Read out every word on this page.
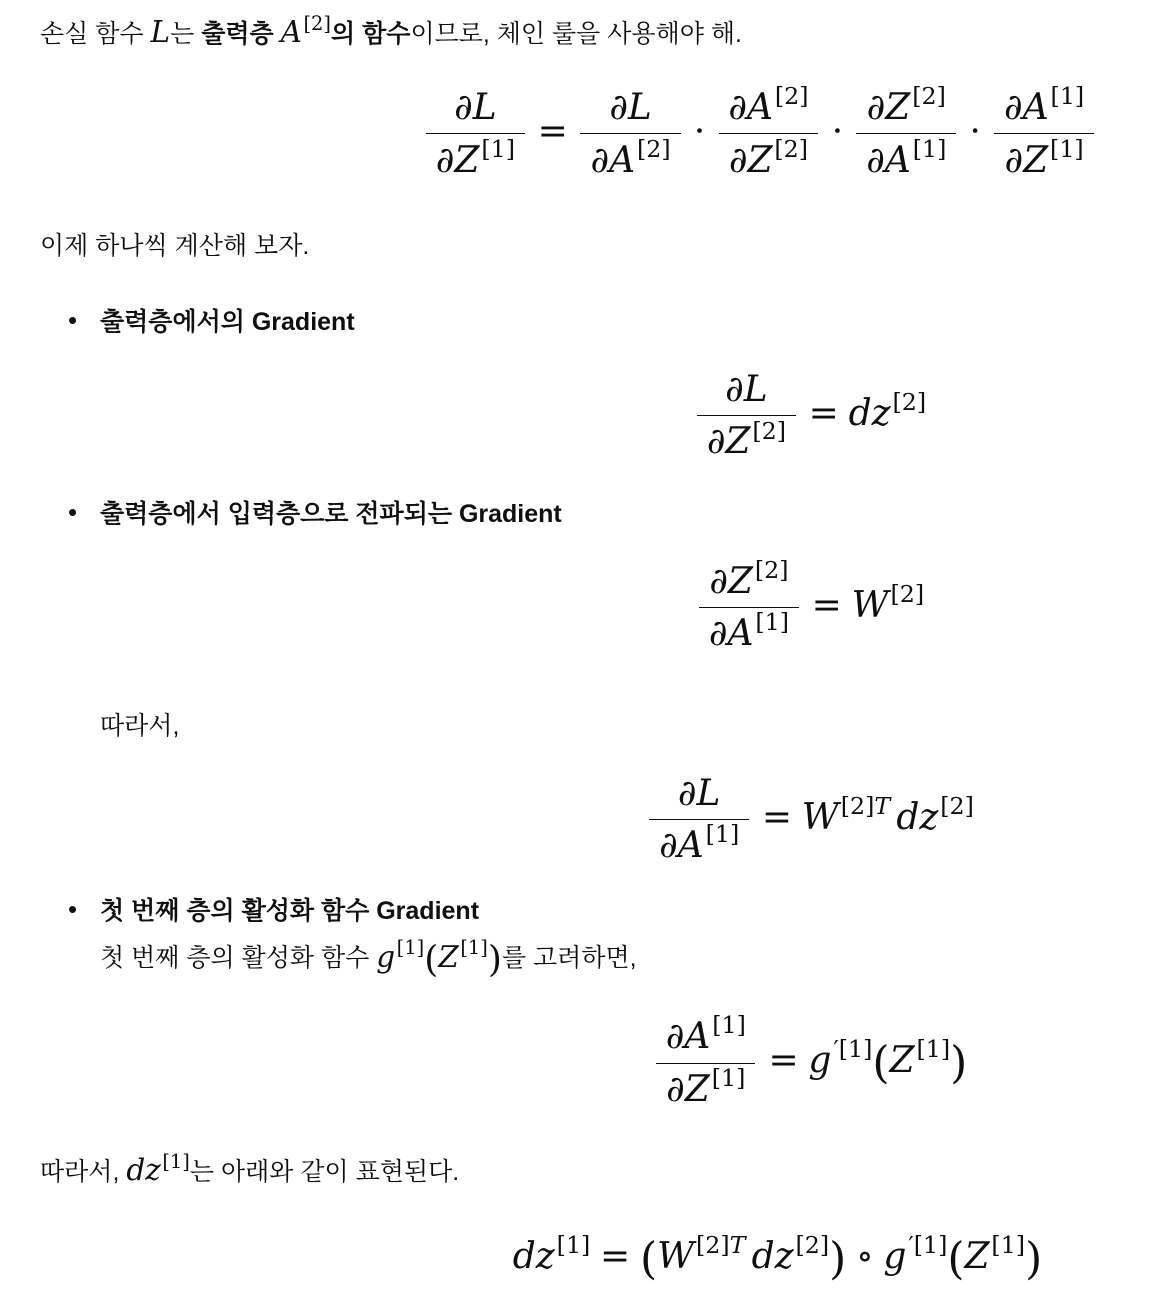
손실 함수 L는 출력층 A[2]의 함수이므로, 체인 룰을 사용해야 해.
$\frac{\partial L}{\partial Z^{[1]}} = \frac{\partial L}{\partial A^{[2]}} \cdot \frac{\partial A^{[2]}}{\partial Z^{[2]}} \cdot \frac{\partial Z^{[2]}}{\partial A^{[1]}} \cdot \frac{\partial A^{[1]}}{\partial Z^{[1]}}$
이제 하나씩 계산해 보자.
• 출력층에서의 Gradient
$\frac{\partial L}{\partial Z^{[2]}} = dz[2]$
• 출력층에서 입력층으로 전파되는 Gradient
$\frac{\partial Z^{[2]}}{\partial A^{[1]}} = W[2]$
따라서,
$\frac{\partial L}{\partial A^{[1]}} = W^{[2]T}$ dz[2]
• 첫 번째 층의 활성화 함수 Gradient
첫 번째 층의 활성화 함수 g[1](Z[1])를 고려하면,
$\frac{\partial A^{[1]}}{\partial Z^{[1]}} = g^{'[1]}(Z[1])$
따라서, dz[1]는 아래와 같이 표현된다.
$dz[1] = (W^{[2]T}$ dz[2]) ∘ $g^{'[1]}(Z[1])$
